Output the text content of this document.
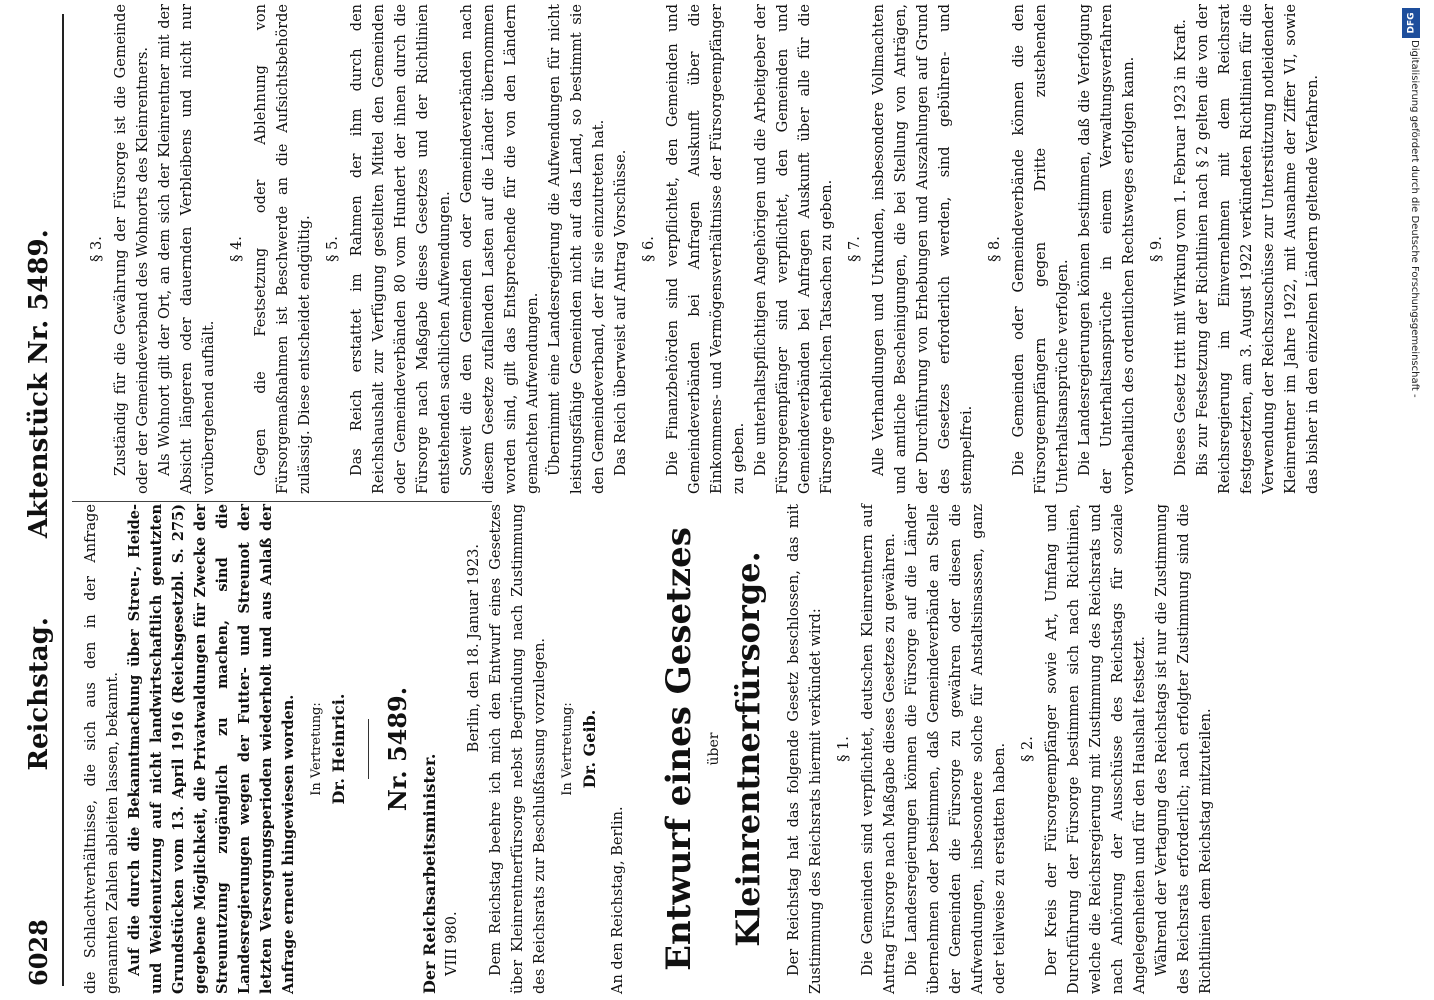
6028
Reichstag. Aktenstück Nr. 5489.

die Schlachtverhältnisse, die sich aus den in der Anfrage genannten Zahlen ableiten lassen, bekannt. Auf die durch die Bekanntmachung über Streu-, Heide- und Weidenutzung auf nicht landwirtschaftlich genutzten Grundstücken vom 13. April 1916 (Reichsgesetzbl. S. 275) gegebene Möglichkeit, die Privatwaldungen für Zwecke der Streunutzung zugänglich zu machen, sind die Landesregierungen wegen der Futter- und Streunot der letzten Versorgungsperioden wiederholt und aus Anlaß der Anfrage erneut hingewiesen worden. In Vertretung: Dr. Heinrici. Nr. 5489.
Der Reichsarbeitsminister. VIII 980.
Berlin, den 18. Januar 1923. Dem Reichstag beehre ich mich den Entwurf eines Gesetzes über Kleinrentnerfürsorge nebst Begründung nach Zustimmung des Reichsrats zur Beschlußfassung vorzulegen. In Vertretung: Dr. Geib.

An den Reichstag, Berlin. Entwurf eines Gesetzes über Kleinrentnerfürsorge. Der Reichstag hat das folgende Gesetz beschlossen, das mit Zustimmung des Reichsrats hiermit verkündet wird: § 1. Die Gemeinden sind verpflichtet, deutschen Kleinrentnern auf Antrag Fürsorge nach Maßgabe dieses Gesetzes zu gewähren. Die Landesregierungen können die Fürsorge auf die Länder übernehmen oder bestimmen, daß Gemeindeverbände an Stelle der Gemeinden die Fürsorge zu gewähren oder diesen die Aufwendungen, insbesondere solche für Anstaltsinsassen, ganz oder teilweise zu erstatten haben. § 2. Der Kreis der Fürsorgeempfänger sowie Art, Umfang und Durchführung der Fürsorge bestimmen sich nach Richtlinien, welche die Reichsregierung mit Zustimmung des Reichsrats und nach Anhörung der Ausschüsse des Reichstags für soziale Angelegenheiten und für den Haushalt festsetzt. Während der Vertagung des Reichstags ist nur die Zustimmung des Reichsrats erforderlich; nach erfolgter Zustimmung sind die Richtlinien dem Reichstag mitzuteilen.

§ 3. Zuständig für die Gewährung der Fürsorge ist die Gemeinde oder der Gemeindeverband des Wohnorts des Kleinrentners. Als Wohnort gilt der Ort, an dem sich der Kleinrentner mit der Absicht längeren oder dauernden Verbleibens und nicht nur vorübergehend aufhält.

§ 4. Gegen die Festsetzung oder Ablehnung von Fürsorgemaßnahmen ist Beschwerde an die Aufsichtsbehörde zulässig. Diese entscheidet endgültig. § 5. Das Reich erstattet im Rahmen der ihm durch den Reichshaushalt zur Verfügung gestellten Mittel den Gemeinden oder Gemeindeverbänden 80 vom Hundert der ihnen durch die Fürsorge nach Maßgabe dieses Gesetzes und der Richtlinien entstehenden sachlichen Aufwendungen. Soweit die den Gemeinden oder Gemeindeverbänden nach diesem Gesetze zufallenden Lasten auf die Länder übernommen worden sind, gilt das Entsprechende für die von den Ländern gemachten Aufwendungen. Übernimmt eine Landesregierung die Aufwendungen für nicht leistungsfähige Gemeinden nicht auf das Land, so bestimmt sie den Gemeindeverband, der für sie einzutreten hat. Das Reich überweist auf Antrag Vorschüsse. § 6. Die Finanzbehörden sind verpflichtet, den Gemeinden und Gemeindeverbänden bei Anfragen Auskunft über die Einkommens- und Vermögensverhältnisse der Fürsorgeempfänger zu geben. Die unterhaltspflichtigen Angehörigen und die Arbeitgeber der Fürsorgeempfänger sind verpflichtet, den Gemeinden und Gemeindeverbänden bei Anfragen Auskunft über alle für die Fürsorge erheblichen Tatsachen zu geben. § 7. Alle Verhandlungen und Urkunden, insbesondere Vollmachten und amtliche Bescheinigungen, die bei Stellung von Anträgen, der Durchführung von Erhebungen und Auszahlungen auf Grund des Gesetzes erforderlich werden, sind gebühren- und stempelfrei.

§ 8. Die Gemeinden oder Gemeindeverbände können die den Fürsorgeempfängern gegen Dritte zustehenden Unterhaltsansprüche verfolgen. Die Landesregierungen können bestimmen, daß die Verfolgung der Unterhaltsansprüche in einem Verwaltungsverfahren vorbehaltlich des ordentlichen Rechtsweges erfolgen kann. § 9. Dieses Gesetz tritt mit Wirkung vom 1. Februar 1923 in Kraft. Bis zur Festsetzung der Richtlinien nach § 2 gelten die von der Reichsregierung im Einvernehmen mit dem Reichsrat festgesetzten, am 3. August 1922 verkündeten Richtlinien für die Verwendung der Reichszuschüsse zur Unterstützung notleidender Kleinrentner im Jahre 1922, mit Ausnahme der Ziffer VI, sowie das bisher in den einzelnen Ländern geltende Verfahren.

DFG
Digitalisierung gefördert durch die Deutsche Forschungsgemeinschaft -
